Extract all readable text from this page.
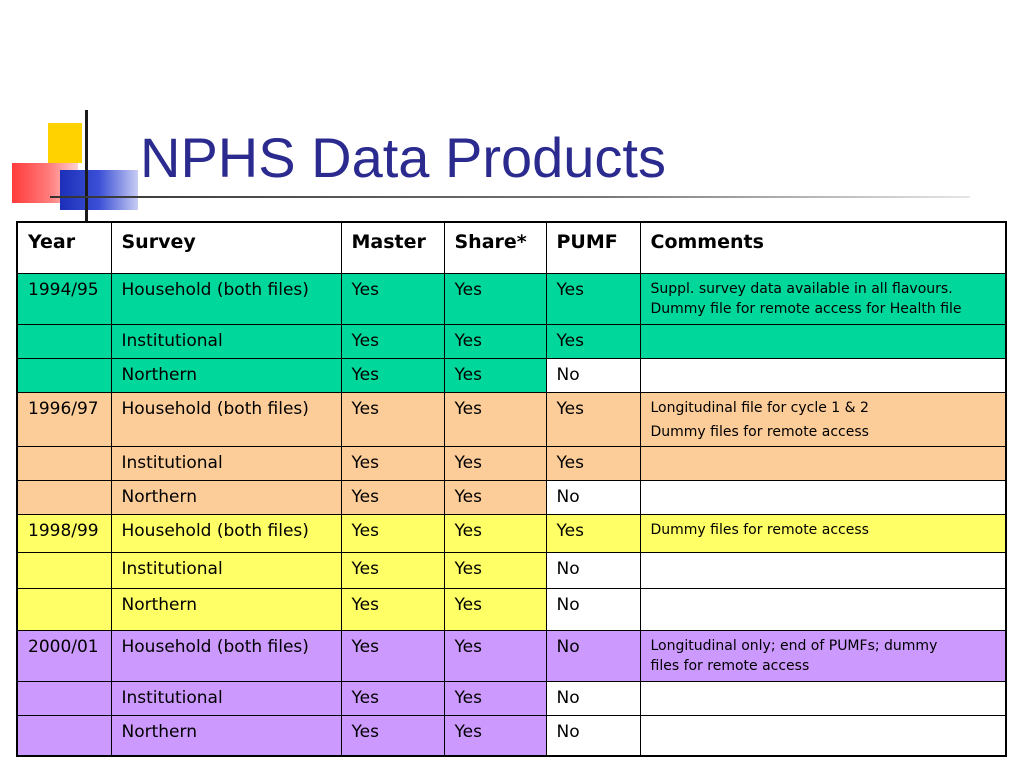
NPHS Data Products
Year	Survey	Master	Share*	PUMF	Comments
1994/95	Household (both files)	Yes	Yes	Yes	Suppl. survey data available in all flavours.
Dummy file for remote access for Health file

	Institutional	Yes	Yes	Yes	
	Northern	Yes	Yes	No	
1996/97	Household (both files)	Yes	Yes	Yes	Longitudinal file for cycle 1 & 2
Dummy files for remote access

	Institutional	Yes	Yes	Yes	
	Northern	Yes	Yes	No	
1998/99	Household (both files)	Yes	Yes	Yes	Dummy files for remote access

	Institutional	Yes	Yes	No	
	Northern	Yes	Yes	No	
2000/01	Household (both files)	Yes	Yes	No	Longitudinal only; end of PUMFs; dummy
files for remote access

	Institutional	Yes	Yes	No	
	Northern	Yes	Yes	No	
